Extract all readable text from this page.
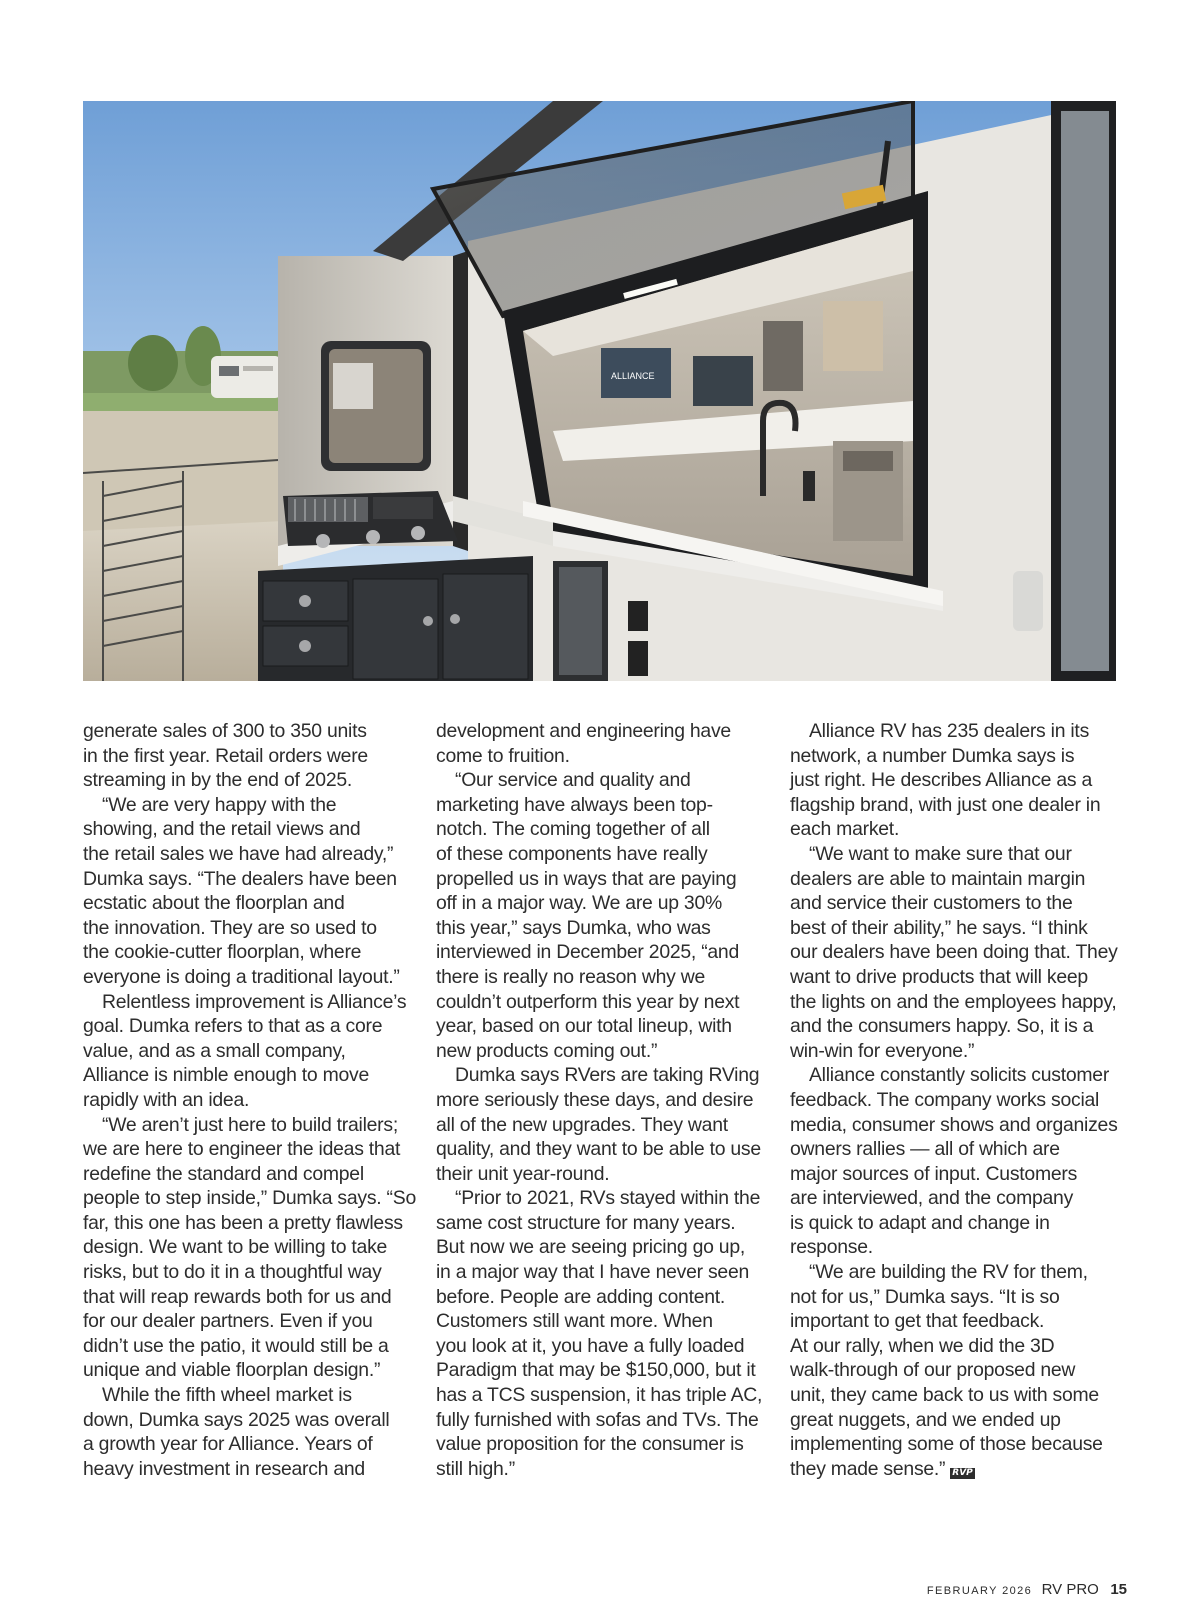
ALLIANCE

generate sales of 300 to 350 units
in the first year. Retail orders were
streaming in by the end of 2025.

“We are very happy with the
showing, and the retail views and
the retail sales we have had already,”
Dumka says. “The dealers have been
ecstatic about the floorplan and
the innovation. They are so used to
the cookie-cutter floorplan, where
everyone is doing a traditional layout.”

Relentless improvement is Alliance’s
goal. Dumka refers to that as a core
value, and as a small company,
Alliance is nimble enough to move
rapidly with an idea.

“We aren’t just here to build trailers;
we are here to engineer the ideas that
redefine the standard and compel
people to step inside,” Dumka says. “So
far, this one has been a pretty flawless
design. We want to be willing to take
risks, but to do it in a thoughtful way
that will reap rewards both for us and
for our dealer partners. Even if you
didn’t use the patio, it would still be a
unique and viable floorplan design.”

While the fifth wheel market is
down, Dumka says 2025 was overall
a growth year for Alliance. Years of
heavy investment in research and

development and engineering have
come to fruition.

“Our service and quality and
marketing have always been top-
notch. The coming together of all
of these components have really
propelled us in ways that are paying
off in a major way. We are up 30%
this year,” says Dumka, who was
interviewed in December 2025, “and
there is really no reason why we
couldn’t outperform this year by next
year, based on our total lineup, with
new products coming out.”

Dumka says RVers are taking RVing
more seriously these days, and desire
all of the new upgrades. They want
quality, and they want to be able to use
their unit year-round.

“Prior to 2021, RVs stayed within the
same cost structure for many years.
But now we are seeing pricing go up,
in a major way that I have never seen
before. People are adding content.
Customers still want more. When
you look at it, you have a fully loaded
Paradigm that may be $150,000, but it
has a TCS suspension, it has triple AC,
fully furnished with sofas and TVs. The
value proposition for the consumer is
still high.”

Alliance RV has 235 dealers in its
network, a number Dumka says is
just right. He describes Alliance as a
flagship brand, with just one dealer in
each market.

“We want to make sure that our
dealers are able to maintain margin
and service their customers to the
best of their ability,” he says. “I think
our dealers have been doing that. They
want to drive products that will keep
the lights on and the employees happy,
and the consumers happy. So, it is a
win-win for everyone.”

Alliance constantly solicits customer
feedback. The company works social
media, consumer shows and organizes
owners rallies — all of which are
major sources of input. Customers
are interviewed, and the company
is quick to adapt and change in
response.

“We are building the RV for them,
not for us,” Dumka says. “It is so
important to get that feedback.
At our rally, when we did the 3D
walk-through of our proposed new
unit, they came back to us with some
great nuggets, and we ended up
implementing some of those because
they made sense.” RVP

FEBRUARY 2026 RV PRO 15
